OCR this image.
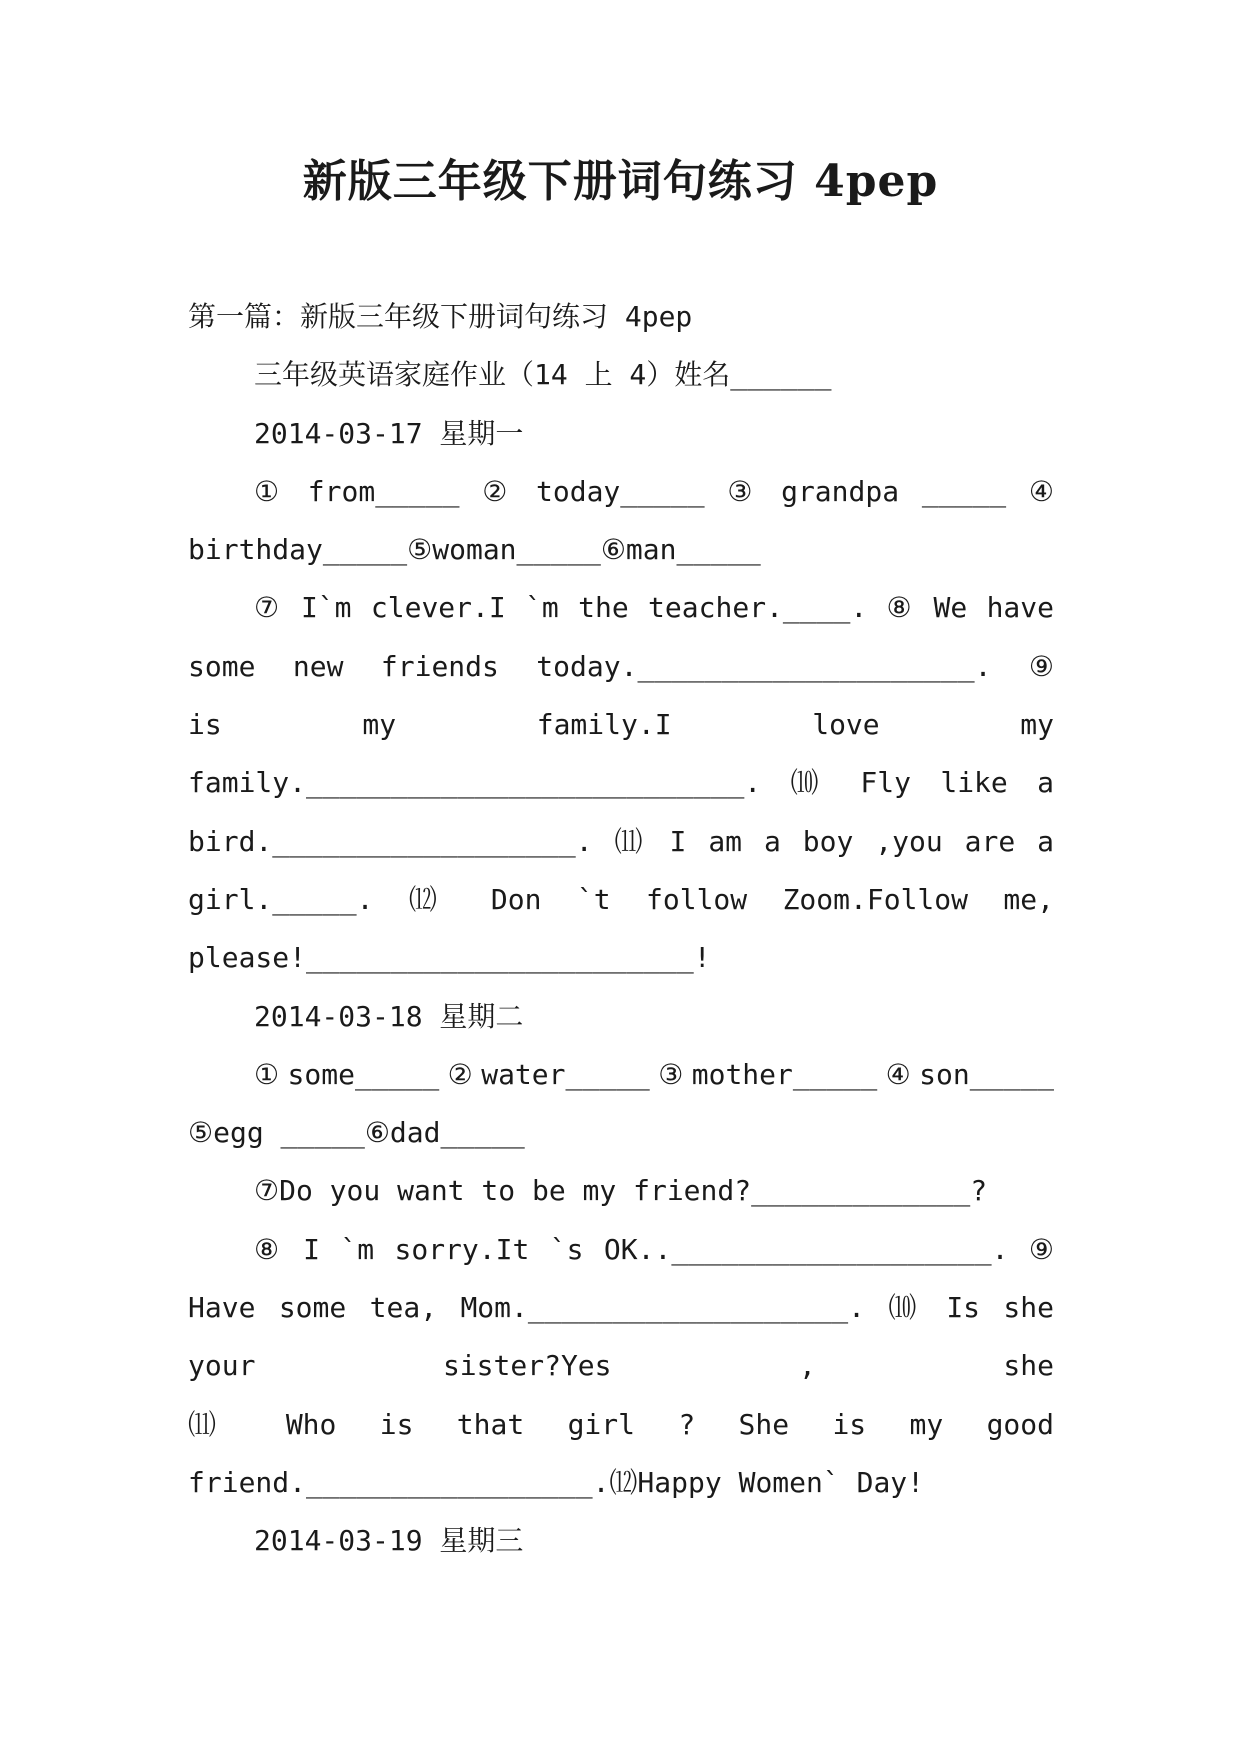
新版三年级下册词句练习 4pep
第一篇：新版三年级下册词句练习 4pep
三年级英语家庭作业（14 上 4）姓名______
2014-03-17 星期一
① from_____ ② today_____ ③ grandpa _____ ④
birthday_____⑤woman_____⑥man_____
⑦ I`m clever.I `m the teacher.____. ⑧ We have
some new friends today.____________________. ⑨
is my family.I love my
family.__________________________. ⑽ Fly like a
bird.__________________. ⑾ I am a boy ,you are a
girl._____. ⑿ Don `t follow Zoom.Follow me,
please!_______________________!
2014-03-18 星期二
①some_____②water_____③mother_____④son_____
⑤egg _____⑥dad_____
⑦Do you want to be my friend?_____________?
⑧ I `m sorry.It `s OK..___________________. ⑨
Have some tea, Mom.___________________. ⑽ Is she
your sister?Yes , she
⑾ Who is that girl ? She is my good
friend._________________.⑿Happy Women` Day!
2014-03-19 星期三
